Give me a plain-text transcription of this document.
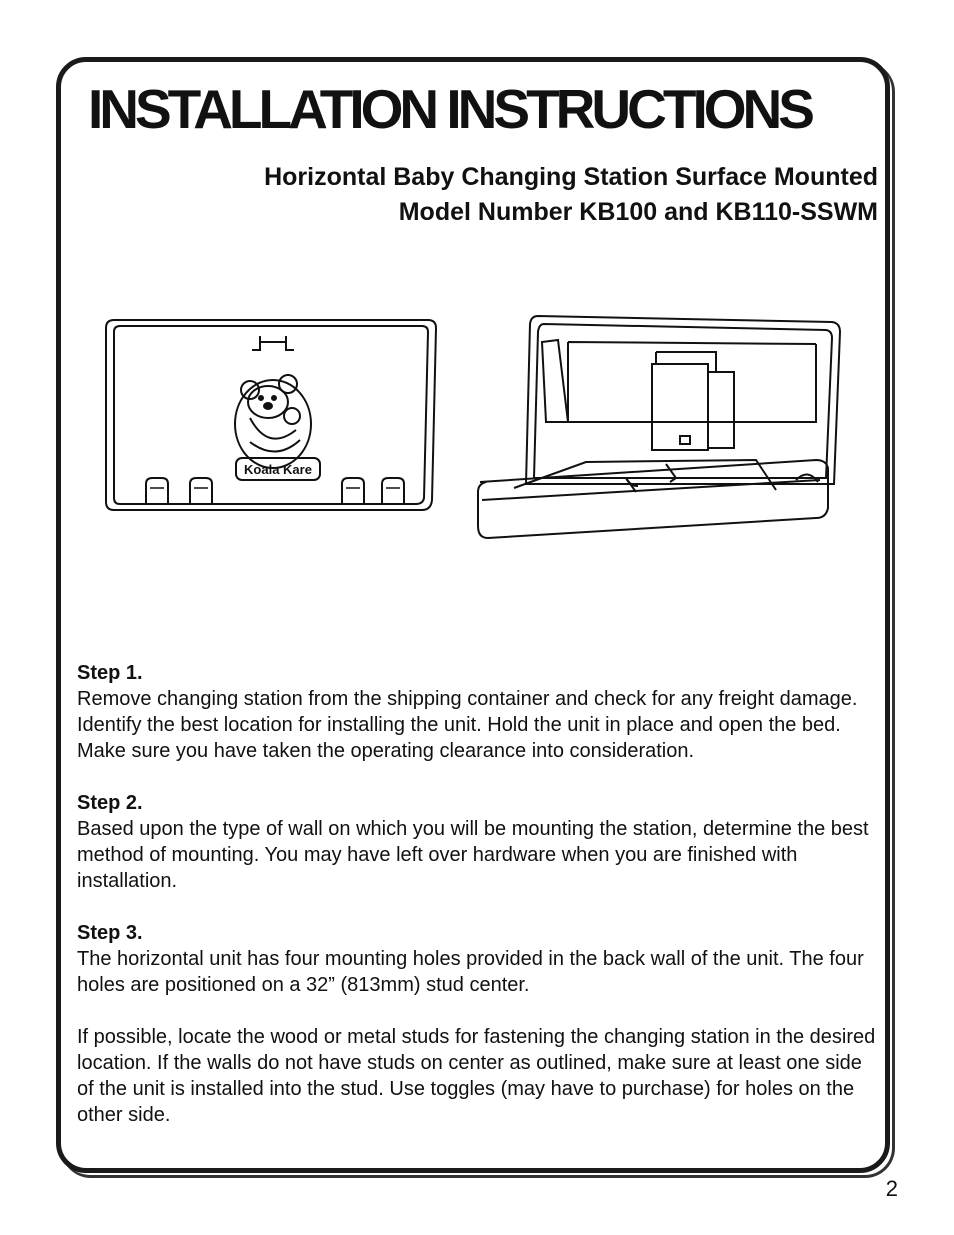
INSTALLATION INSTRUCTIONS
Horizontal Baby Changing Station Surface Mounted
Model Number KB100 and KB110-SSWM
Koala Kare

Step 1.

Remove changing station from the shipping container and check for any freight damage. Identify the best location for installing the unit. Hold the unit in place and open the bed. Make sure you have taken the operating clearance into consideration.

Step 2.

Based upon the type of wall on which you will be mounting the station, determine the best method of mounting. You may have left over hardware when you are finished with installation.

Step 3.

The horizontal unit has four mounting holes provided in the back wall of the unit. The four holes are positioned on a 32” (813mm) stud center.

If possible, locate the wood or metal studs for fastening the changing station in the desired location. If the walls do not have studs on center as outlined, make sure at least one side of the unit is installed into the stud. Use toggles (may have to purchase) for holes on the other side.

2
